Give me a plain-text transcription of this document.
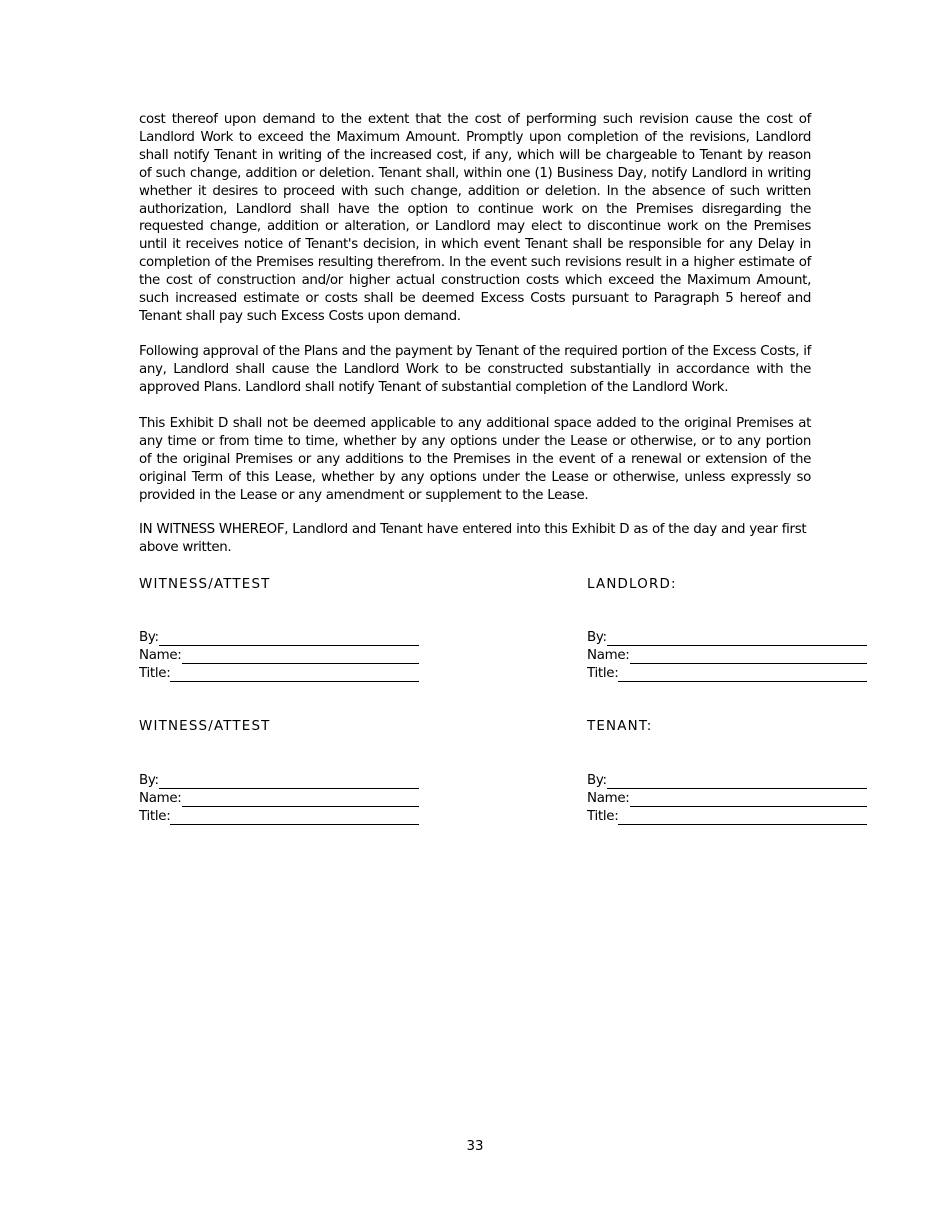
cost thereof upon demand to the extent that the cost of performing such revision cause the cost of Landlord Work to exceed the Maximum Amount. Promptly upon completion of the revisions, Landlord shall notify Tenant in writing of the increased cost, if any, which will be chargeable to Tenant by reason of such change, addition or deletion. Tenant shall, within one (1) Business Day, notify Landlord in writing whether it desires to proceed with such change, addition or deletion. In the absence of such written authorization, Landlord shall have the option to continue work on the Premises disregarding the requested change, addition or alteration, or Landlord may elect to discontinue work on the Premises until it receives notice of Tenant's decision, in which event Tenant shall be responsible for any Delay in completion of the Premises resulting therefrom. In the event such revisions result in a higher estimate of the cost of construction and/or higher actual construction costs which exceed the Maximum Amount, such increased estimate or costs shall be deemed Excess Costs pursuant to Paragraph 5 hereof and Tenant shall pay such Excess Costs upon demand.

Following approval of the Plans and the payment by Tenant of the required portion of the Excess Costs, if any, Landlord shall cause the Landlord Work to be constructed substantially in accordance with the approved Plans. Landlord shall notify Tenant of substantial completion of the Landlord Work.

This Exhibit D shall not be deemed applicable to any additional space added to the original Premises at any time or from time to time, whether by any options under the Lease or otherwise, or to any portion of the original Premises or any additions to the Premises in the event of a renewal or extension of the original Term of this Lease, whether by any options under the Lease or otherwise, unless expressly so provided in the Lease or any amendment or supplement to the Lease.

IN WITNESS WHEREOF, Landlord and Tenant have entered into this Exhibit D as of the day and year first above written.

WITNESS/ATTEST	LANDLORD:
By:
Name:
Title:
By:
Name:
Title:
WITNESS/ATTEST	TENANT:
By:
Name:
Title:
By:
Name:
Title:
33
